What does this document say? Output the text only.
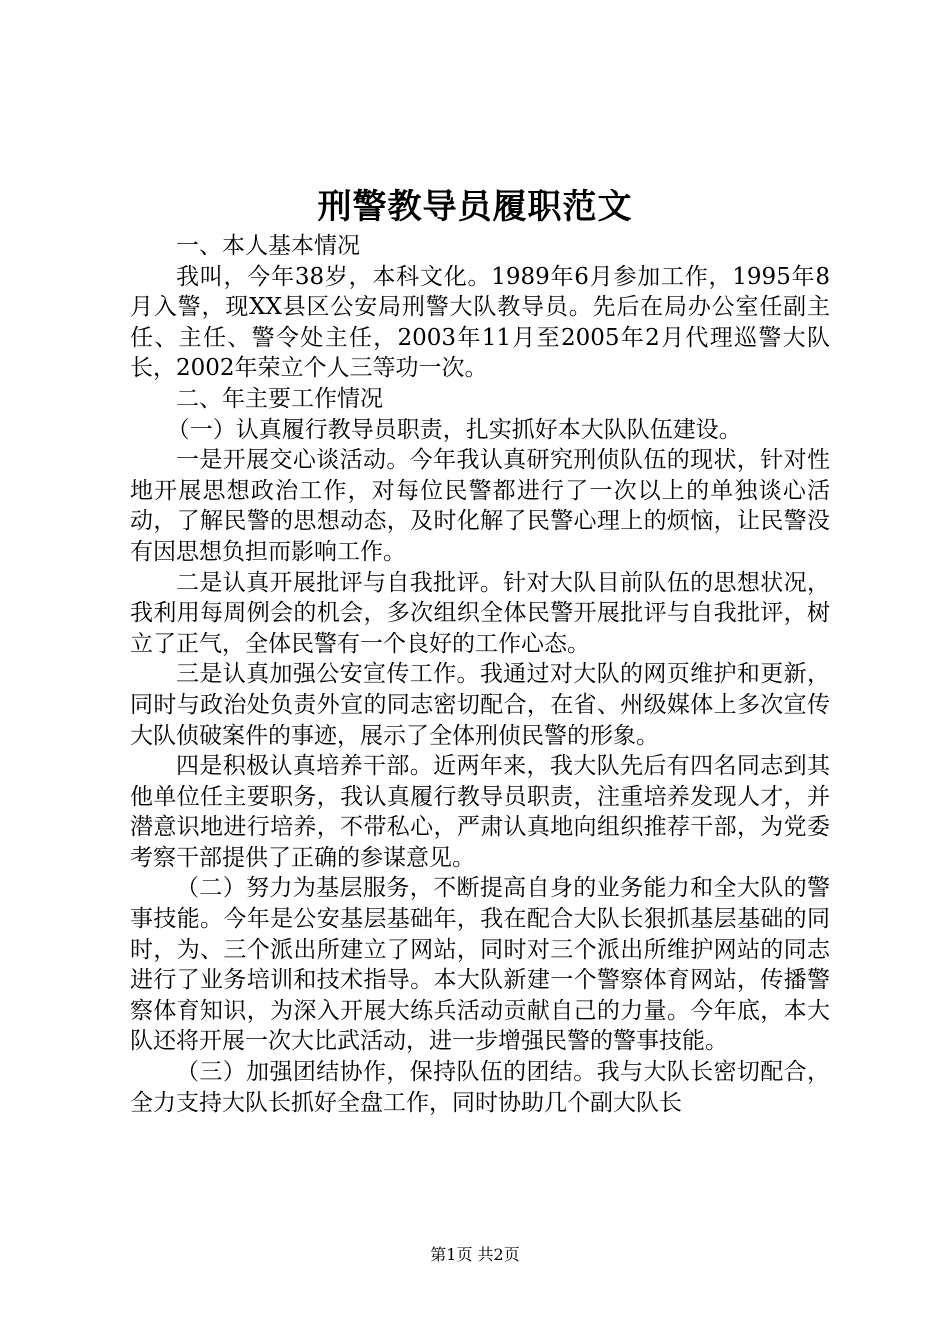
刑警教导员履职范文

一、本人基本情况

我叫，今年38岁，本科文化。1989年6月参加工作，1995年8月入警，现XX县区公安局刑警大队教导员。先后在局办公室任副主任、主任、警令处主任，2003年11月至2005年2月代理巡警大队长，2002年荣立个人三等功一次。

二、年主要工作情况

（一）认真履行教导员职责，扎实抓好本大队队伍建设。

一是开展交心谈活动。今年我认真研究刑侦队伍的现状，针对性地开展思想政治工作，对每位民警都进行了一次以上的单独谈心活动，了解民警的思想动态，及时化解了民警心理上的烦恼，让民警没有因思想负担而影响工作。

二是认真开展批评与自我批评。针对大队目前队伍的思想状况，我利用每周例会的机会，多次组织全体民警开展批评与自我批评，树立了正气，全体民警有一个良好的工作心态。

三是认真加强公安宣传工作。我通过对大队的网页维护和更新，同时与政治处负责外宣的同志密切配合，在省、州级媒体上多次宣传大队侦破案件的事迹，展示了全体刑侦民警的形象。

四是积极认真培养干部。近两年来，我大队先后有四名同志到其他单位任主要职务，我认真履行教导员职责，注重培养发现人才，并潜意识地进行培养，不带私心，严肃认真地向组织推荐干部，为党委考察干部提供了正确的参谋意见。

（二）努力为基层服务，不断提高自身的业务能力和全大队的警事技能。今年是公安基层基础年，我在配合大队长狠抓基层基础的同时，为、三个派出所建立了网站，同时对三个派出所维护网站的同志进行了业务培训和技术指导。本大队新建一个警察体育网站，传播警察体育知识，为深入开展大练兵活动贡献自己的力量。今年底，本大队还将开展一次大比武活动，进一步增强民警的警事技能。

（三）加强团结协作，保持队伍的团结。我与大队长密切配合，全力支持大队长抓好全盘工作，同时协助几个副大队长

第1页 共2页
